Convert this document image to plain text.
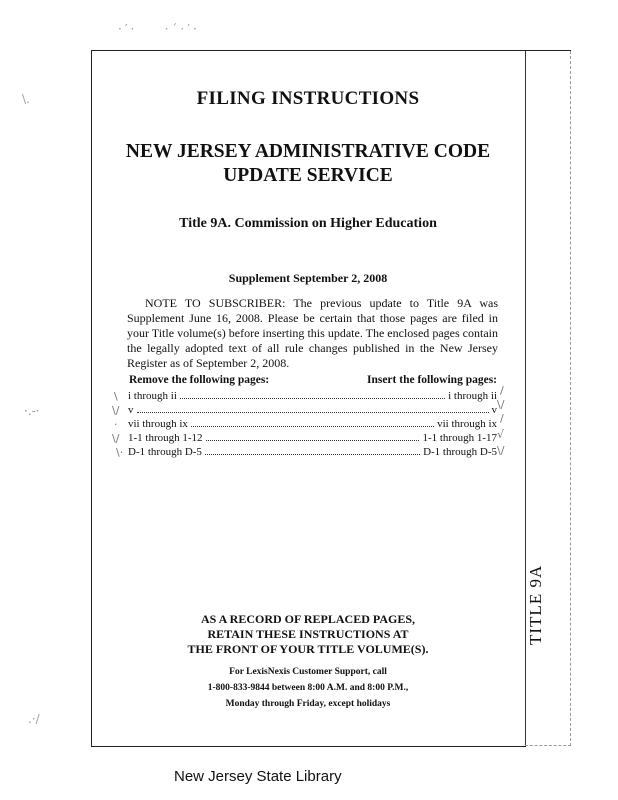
·′·    ·´·′·
\.
·.-·
.·/
TITLE 9A
FILING INSTRUCTIONS
NEW JERSEY ADMINISTRATIVE CODE
UPDATE SERVICE
Title 9A. Commission on Higher Education
Supplement September 2, 2008
NOTE TO SUBSCRIBER: The previous update to Title 9A was Supplement June 16, 2008. Please be certain that those pages are filed in your Title volume(s) before inserting this update. The enclosed pages contain the legally adopted text of all rule changes published in the New Jersey Register as of September 2, 2008.
Remove the following pages:	Insert the following pages:
i through ii	i through ii
v	v
vii through ix	vii through ix
1-1 through 1-12	1-1 through 1-17
D-1 through D-5	D-1 through D-5
\
\/
·
\/
\·
/
\/
/
√
\/
AS A RECORD OF REPLACED PAGES,
RETAIN THESE INSTRUCTIONS AT
THE FRONT OF YOUR TITLE VOLUME(S).
For LexisNexis Customer Support, call
1-800-833-9844 between 8:00 A.M. and 8:00 P.M.,
Monday through Friday, except holidays
New Jersey State Library
